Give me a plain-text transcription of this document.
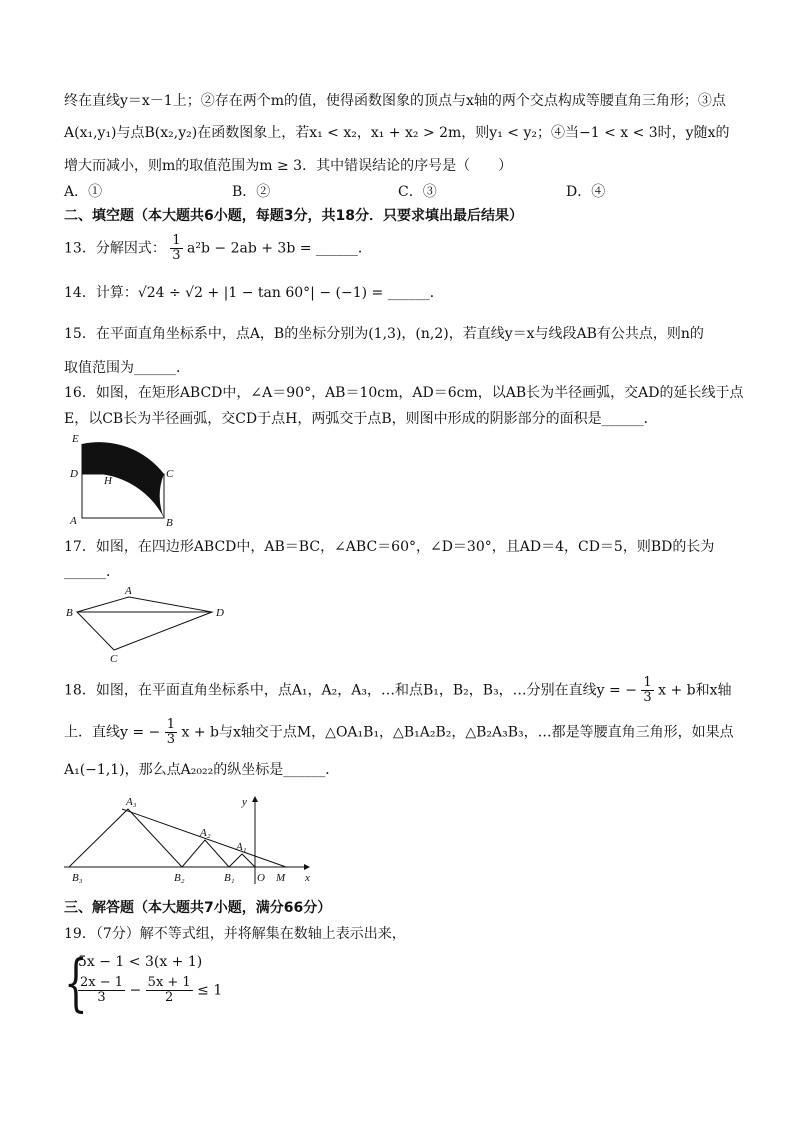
终在直线y＝x－1上；②存在两个m的值，使得函数图象的顶点与x轴的两个交点构成等腰直角三角形；③点
A(x₁,y₁)与点B(x₂,y₂)在函数图象上，若x₁ < x₂，x₁ + x₂ > 2m，则y₁ < y₂；④当−1 < x < 3时，y随x的
增大而减小，则m的取值范围为m ≥ 3．其中错误结论的序号是（　　）
A．①	B．②	C．③	D．④
二、填空题（本大题共6小题，每题3分，共18分．只要求填出最后结果）
13．分解因式： $\frac{1}{3} a^2b - 2ab + 3b$ = ______．
14．计算：√24 ÷ √2 + |1 − tan 60°| − (−1) = ______．
15．在平面直角坐标系中，点A，B的坐标分别为(1,3)，(n,2)，若直线y＝x与线段AB有公共点，则n的
取值范围为______．
16．如图，在矩形ABCD中，∠A＝90°，AB＝10cm，AD＝6cm，以AB长为半径画弧，交AD的延长线于点
E，以CB长为半径画弧，交CD于点H，两弧交于点B，则图中形成的阴影部分的面积是______．
E
D
F
C
H
A	B
17．如图，在四边形ABCD中，AB＝BC，∠ABC＝60°，∠D＝30°，且AD＝4，CD＝5，则BD的长为
______．
A
B	D
C
18．如图，在平面直角坐标系中，点A₁，A₂，A₃，…和点B₁，B₂，B₃，…分别在直线y = − $\frac{1}{3}$ x + b和x轴
上．直线y = − $\frac{1}{3}$ x + b与x轴交于点M，△OA₁B₁，△B₁A₂B₂，△B₂A₃B₃，…都是等腰直角三角形，如果点
A₁(−1,1)，那么点A₂₀₂₂的纵坐标是______．
A₃
A₂
A₁
B₃	B₂	B₁ O M x
y
三、解答题（本大题共7小题，满分66分）
19．（7分）解不等式组，并将解集在数轴上表示出来，
{
5x − 1 < 3(x + 1)
$\frac{2x - 1}{3} - \frac{5x + 1}{2} \le 1$
